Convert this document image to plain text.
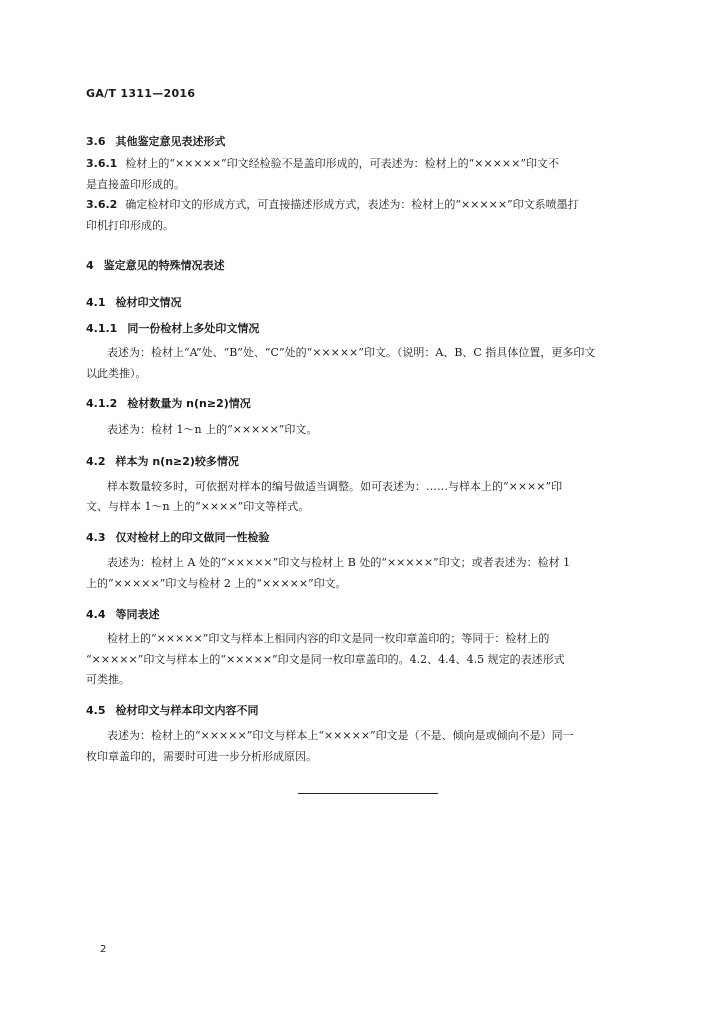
GA/T 1311—2016
3.6 其他鉴定意见表述形式
3.6.1 检材上的“×××××”印文经检验不是盖印形成的，可表述为：检材上的“×××××”印文不
是直接盖印形成的。
3.6.2 确定检材印文的形成方式，可直接描述形成方式，表述为：检材上的“×××××”印文系喷墨打
印机打印形成的。
4 鉴定意见的特殊情况表述
4.1 检材印文情况
4.1.1 同一份检材上多处印文情况
表述为：检材上“A”处、“B”处、“C”处的“×××××”印文。（说明：A、B、C 指具体位置，更多印文
以此类推）。
4.1.2 检材数量为 n(n≥2)情况
表述为：检材 1～n 上的“×××××”印文。
4.2 样本为 n(n≥2)较多情况
样本数量较多时，可依据对样本的编号做适当调整。如可表述为：……与样本上的“××××”印
文、与样本 1～n 上的“××××”印文等样式。
4.3 仅对检材上的印文做同一性检验
表述为：检材上 A 处的“×××××”印文与检材上 B 处的“×××××”印文；或者表述为：检材 1
上的“×××××”印文与检材 2 上的“×××××”印文。
4.4 等同表述
检材上的“×××××”印文与样本上相同内容的印文是同一枚印章盖印的；等同于：检材上的
“×××××”印文与样本上的“×××××”印文是同一枚印章盖印的。4.2、4.4、4.5 规定的表述形式
可类推。
4.5 检材印文与样本印文内容不同
表述为：检材上的“×××××”印文与样本上“×××××”印文是（不是、倾向是或倾向不是）同一
枚印章盖印的，需要时可进一步分析形成原因。
2
